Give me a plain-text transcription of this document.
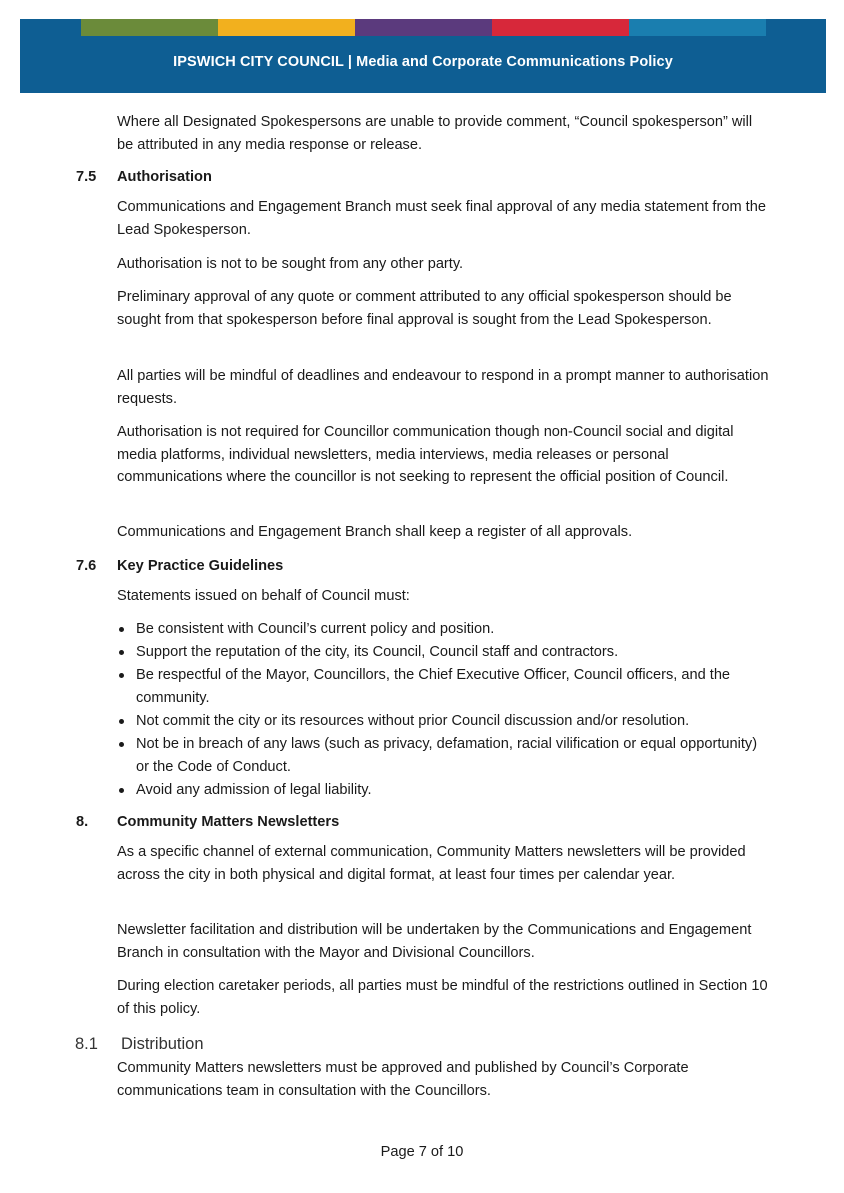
IPSWICH CITY COUNCIL | Media and Corporate Communications Policy

Where all Designated Spokespersons are unable to provide comment, “Council spokesperson” will be attributed in any media response or release.

7.5 Authorisation

Communications and Engagement Branch must seek final approval of any media statement from the Lead Spokesperson.

Authorisation is not to be sought from any other party.

Preliminary approval of any quote or comment attributed to any official spokesperson should be sought from that spokesperson before final approval is sought from the Lead Spokesperson.

All parties will be mindful of deadlines and endeavour to respond in a prompt manner to authorisation requests.

Authorisation is not required for Councillor communication though non-Council social and digital media platforms, individual newsletters, media interviews, media releases or personal communications where the councillor is not seeking to represent the official position of Council.

Communications and Engagement Branch shall keep a register of all approvals.

7.6 Key Practice Guidelines

Statements issued on behalf of Council must:

Be consistent with Council’s current policy and position.
Support the reputation of the city, its Council, Council staff and contractors.
Be respectful of the Mayor, Councillors, the Chief Executive Officer, Council officers, and the community.
Not commit the city or its resources without prior Council discussion and/or resolution.
Not be in breach of any laws (such as privacy, defamation, racial vilification or equal opportunity) or the Code of Conduct.
Avoid any admission of legal liability.
8. Community Matters Newsletters

As a specific channel of external communication, Community Matters newsletters will be provided across the city in both physical and digital format, at least four times per calendar year.

Newsletter facilitation and distribution will be undertaken by the Communications and Engagement Branch in consultation with the Mayor and Divisional Councillors.

During election caretaker periods, all parties must be mindful of the restrictions outlined in Section 10 of this policy.

8.1 Distribution

Community Matters newsletters must be approved and published by Council’s Corporate communications team in consultation with the Councillors.

Page 7 of 10
